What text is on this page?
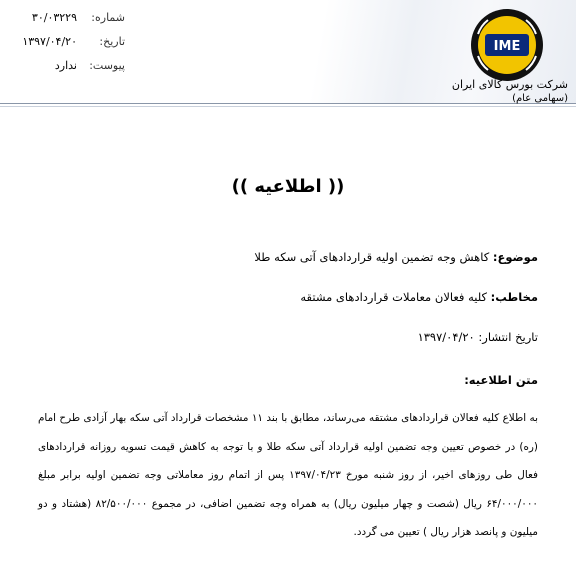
شماره:
۳۰/۰۳۲۲۹
تاریخ:
۱۳۹۷/۰۴/۲۰
پیوست:
ندارد
IME
شرکت بورس کالای ایران
(سهامی عام)
(( اطلاعیه ))
موضوع: کاهش وجه تضمین اولیه قراردادهای آتی سکه طلا
مخاطب: کلیه فعالان معاملات قراردادهای مشتقه
تاریخ انتشار: ۱۳۹۷/۰۴/۲۰
متن اطلاعیه:
به اطلاع کلیه فعالان قراردادهای مشتقه می‌رساند، مطابق با بند ۱۱ مشخصات قرارداد آتی سکه بهار آزادی طرح امام (ره) در خصوص تعیین وجه تضمین اولیه قرارداد آتی سکه طلا و با توجه به کاهش قیمت تسویه روزانه قراردادهای فعال طی روزهای اخیر، از روز شنبه مورخ ۱۳۹۷/۰۴/۲۳ پس از اتمام روز معاملاتی وجه تضمین اولیه برابر مبلغ ۶۴/۰۰۰/۰۰۰ ریال (شصت و چهار میلیون ریال) به همراه وجه تضمین اضافی، در مجموع ۸۲/۵۰۰/۰۰۰ (هشتاد و دو میلیون و پانصد هزار ریال ) تعیین می گردد.
